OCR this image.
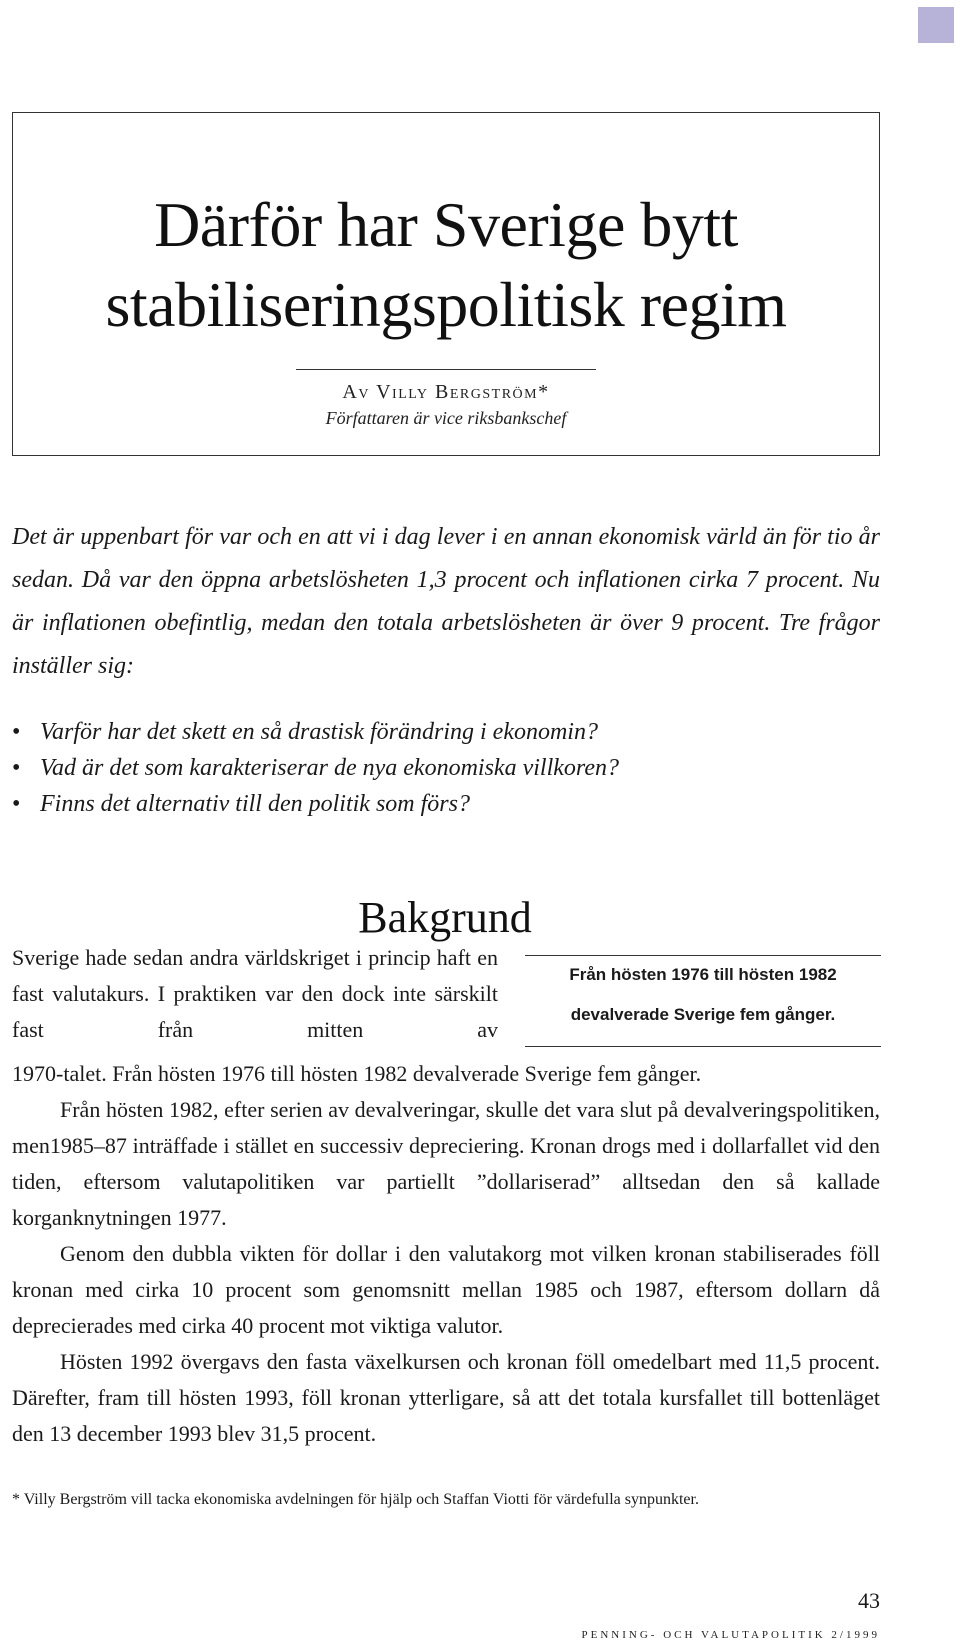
Därför har Sverige bytt
stabiliseringspolitisk regim
Av Villy Bergström*
Författaren är vice riksbankschef

Det är uppenbart för var och en att vi i dag lever i en annan ekonomisk värld än för tio år sedan. Då var den öppna arbetslösheten 1,3 procent och inflationen cirka 7 procent. Nu är inflationen obefintlig, medan den totala arbetslösheten är över 9 procent. Tre frågor inställer sig:

• Varför har det skett en så drastisk förändring i ekonomin?
• Vad är det som karakteriserar de nya ekonomiska villkoren?
• Finns det alternativ till den politik som förs?
Bakgrund
Från hösten 1976 till hösten 1982
devalverade Sverige fem gånger.

Sverige hade sedan andra världskriget i princip haft en fast valutakurs. I praktiken var den dock inte särskilt fast från mitten av

1970-talet. Från hösten 1976 till hösten 1982 devalverade Sverige fem gånger.
Från hösten 1982, efter serien av devalveringar, skulle det vara slut på devalveringspolitiken, men1985–87 inträffade i stället en successiv depreciering. Kronan drogs med i dollarfallet vid den tiden, eftersom valutapolitiken var partiellt ”dollariserad” alltsedan den så kallade korganknytningen 1977.
Genom den dubbla vikten för dollar i den valutakorg mot vilken kronan stabiliserades föll kronan med cirka 10 procent som genomsnitt mellan 1985 och 1987, eftersom dollarn då deprecierades med cirka 40 procent mot viktiga valutor.
Hösten 1992 övergavs den fasta växelkursen och kronan föll omedelbart med 11,5 procent. Därefter, fram till hösten 1993, föll kronan ytterligare, så att det totala kursfallet till bottenläget den 13 december 1993 blev 31,5 procent.
* Villy Bergström vill tacka ekonomiska avdelningen för hjälp och Staffan Viotti för värdefulla synpunkter.
43
PENNING- OCH VALUTAPOLITIK 2/1999
